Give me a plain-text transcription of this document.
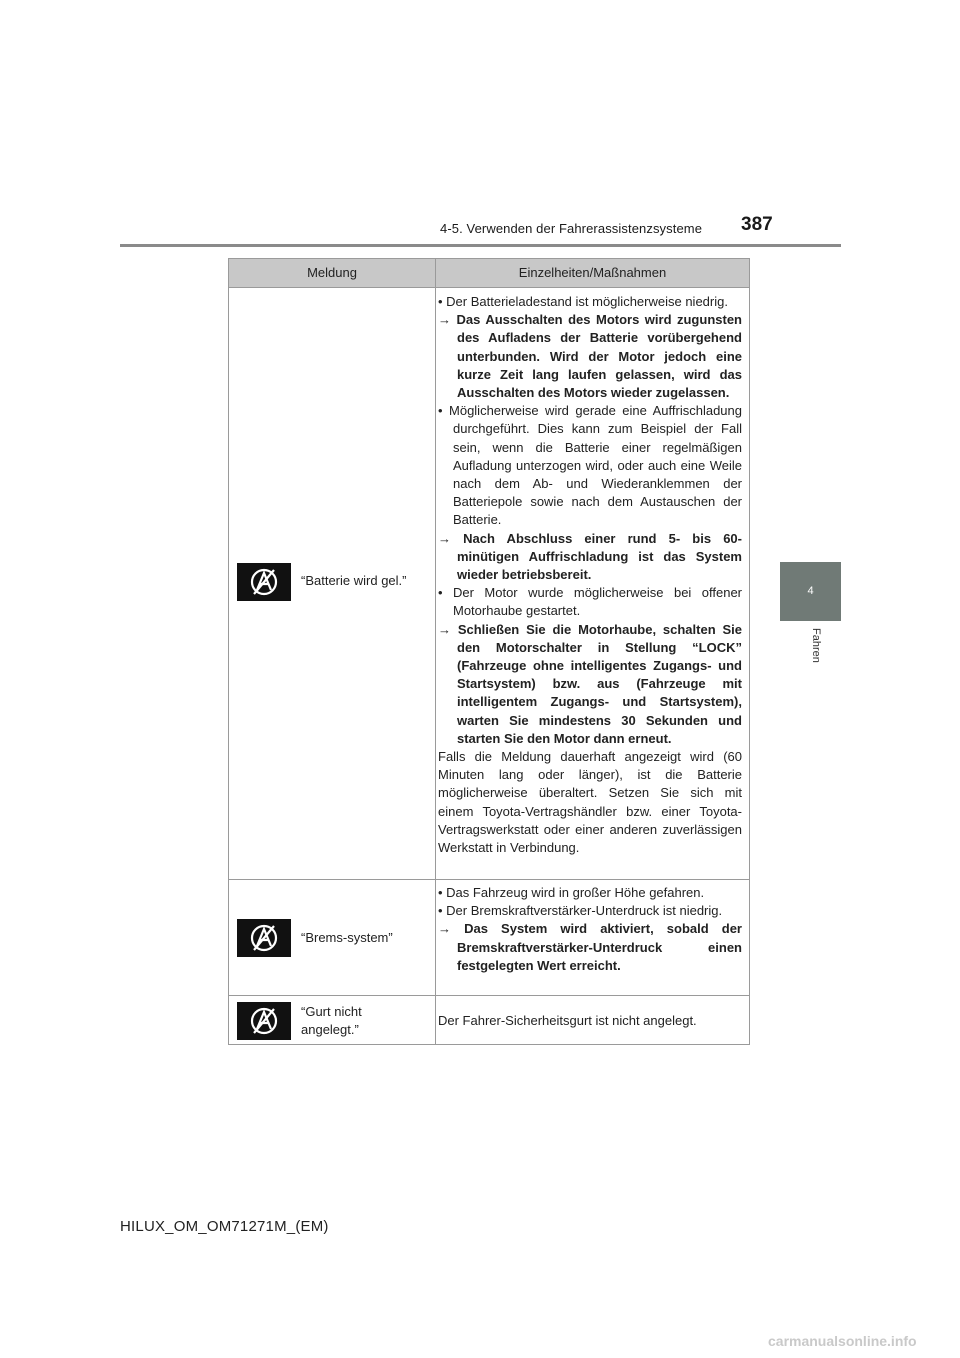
4-5. Verwenden der Fahrerassistenzsysteme 387
4
Fahren
Meldung	Einzelheiten/Maßnahmen
“Batterie wird gel.”

• Der Batterieladestand ist möglicherweise niedrig.

→ Das Ausschalten des Motors wird zugunsten des Aufladens der Batterie vorübergehend unterbunden. Wird der Motor jedoch eine kurze Zeit lang laufen gelassen, wird das Ausschalten des Motors wieder zugelassen.

• Möglicherweise wird gerade eine Auffrischladung durchgeführt. Dies kann zum Beispiel der Fall sein, wenn die Batterie einer regelmäßigen Aufladung unterzogen wird, oder auch eine Weile nach dem Ab- und Wiederanklemmen der Batteriepole sowie nach dem Austauschen der Batterie.

→ Nach Abschluss einer rund 5- bis 60-minütigen Auffrischladung ist das System wieder betriebsbereit.

• Der Motor wurde möglicherweise bei offener Motorhaube gestartet.

→ Schließen Sie die Motorhaube, schalten Sie den Motorschalter in Stellung “LOCK” (Fahrzeuge ohne intelligentes Zugangs- und Startsystem) bzw. aus (Fahrzeuge mit intelligentem Zugangs- und Startsystem), warten Sie mindestens 30 Sekunden und starten Sie den Motor dann erneut.

Falls die Meldung dauerhaft angezeigt wird (60 Minuten lang oder länger), ist die Batterie möglicherweise überaltert. Setzen Sie sich mit einem Toyota-Vertragshändler bzw. einer Toyota-Vertragswerkstatt oder einer anderen zuverlässigen Werkstatt in Verbindung.

“Brems-system”

• Das Fahrzeug wird in großer Höhe gefahren.

• Der Bremskraftverstärker-Unterdruck ist niedrig.

→ Das System wird aktiviert, sobald der Bremskraftverstärker-Unterdruck einen festgelegten Wert erreicht.

“Gurt nicht
angelegt.”

Der Fahrer-Sicherheitsgurt ist nicht angelegt.

HILUX_OM_OM71271M_(EM)
carmanualsonline.info
